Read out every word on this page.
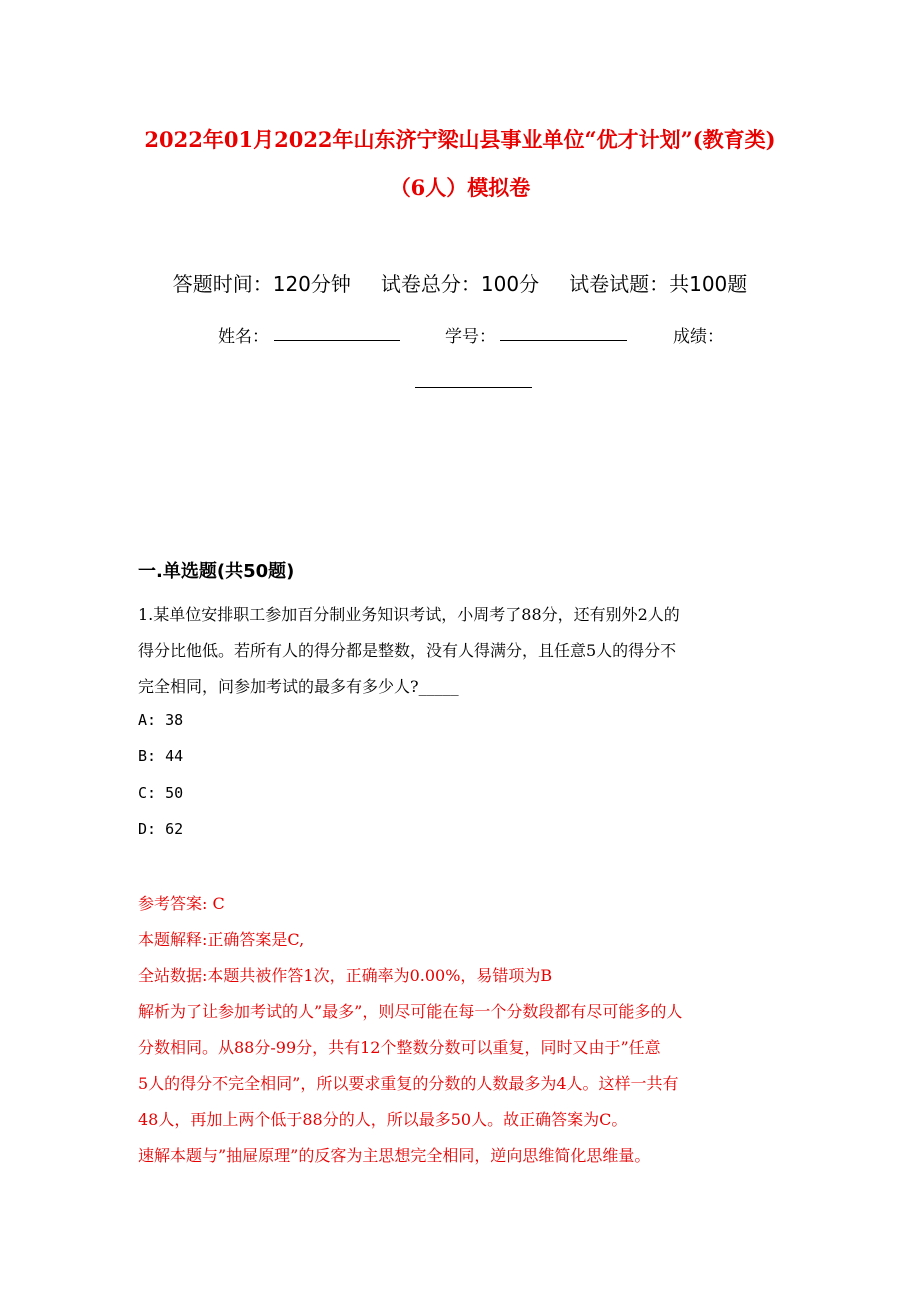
2022年01月2022年山东济宁梁山县事业单位“优才计划”(教育类)
（6人）模拟卷
答题时间：120分钟 试卷总分：100分 试卷试题：共100题
姓名：	学号：	成绩：
一.单选题(共50题)
1.某单位安排职工参加百分制业务知识考试，小周考了88分，还有别外2人的
得分比他低。若所有人的得分都是整数，没有人得满分，且任意5人的得分不
完全相同，问参加考试的最多有多少人?_____
A: 38
B: 44
C: 50
D: 62
参考答案: C
本题解释:正确答案是C,
全站数据:本题共被作答1次，正确率为0.00%，易错项为B
解析为了让参加考试的人”最多”，则尽可能在每一个分数段都有尽可能多的人
分数相同。从88分-99分，共有12个整数分数可以重复，同时又由于”任意
5人的得分不完全相同”，所以要求重复的分数的人数最多为4人。这样一共有
48人，再加上两个低于88分的人，所以最多50人。故正确答案为C。
速解本题与”抽屉原理”的反客为主思想完全相同，逆向思维简化思维量。
